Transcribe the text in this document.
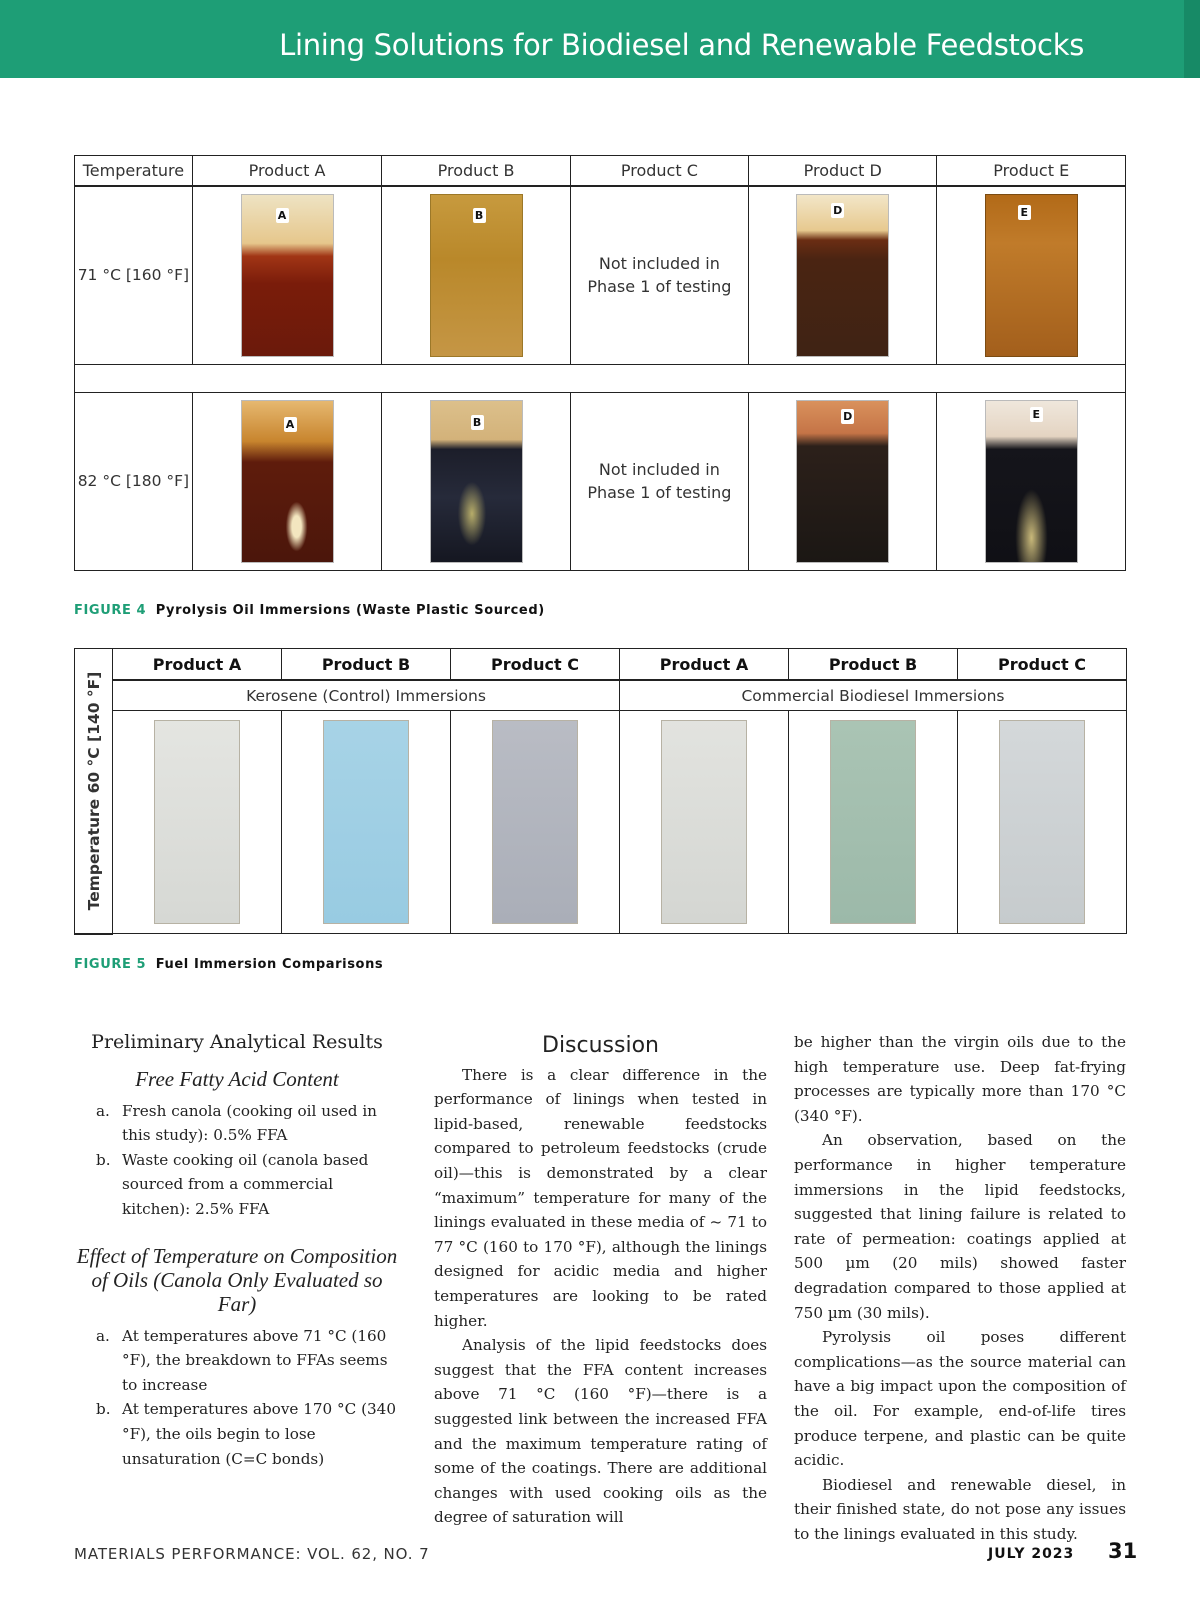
Lining Solutions for Biodiesel and Renewable Feedstocks
Temperature	Product A	Product B	Product C	Product D	Product E
71 °C [160 °F]	A	B	Not included in Phase 1 of testing	D	E

82 °C [180 °F]	A	B	Not included in Phase 1 of testing	D	E
FIGURE 4 Pyrolysis Oil Immersions (Waste Plastic Sourced)
Temperature 60 °C [140 °F]	Product A	Product B	Product C	Product A	Product B	Product C
	Kerosene (Control) Immersions			Commercial Biodiesel Immersions		

FIGURE 5 Fuel Immersion Comparisons
Preliminary Analytical Results
Free Fatty Acid Content
a. Fresh canola (cooking oil used in this study): 0.5% FFA
b. Waste cooking oil (canola based sourced from a commercial kitchen): 2.5% FFA
Effect of Temperature on Composition of Oils (Canola Only Evaluated so Far)
a. At temperatures above 71 °C (160 °F), the breakdown to FFAs seems to increase
b. At temperatures above 170 °C (340 °F), the oils begin to lose unsaturation (C=C bonds)
Discussion

There is a clear difference in the performance of linings when tested in lipid-based, renewable feedstocks compared to petroleum feedstocks (crude oil)—this is demonstrated by a clear “maximum” temperature for many of the linings evaluated in these media of ~ 71 to 77 °C (160 to 170 °F), although the linings designed for acidic media and higher temperatures are looking to be rated higher.

Analysis of the lipid feedstocks does suggest that the FFA content increases above 71 °C (160 °F)—there is a suggested link between the increased FFA and the maximum temperature rating of some of the coatings. There are additional changes with used cooking oils as the degree of saturation will

be higher than the virgin oils due to the high temperature use. Deep fat-frying processes are typically more than 170 °C (340 °F).

An observation, based on the performance in higher temperature immersions in the lipid feedstocks, suggested that lining failure is related to rate of permeation: coatings applied at 500 µm (20 mils) showed faster degradation compared to those applied at 750 µm (30 mils).

Pyrolysis oil poses different complications—as the source material can have a big impact upon the composition of the oil. For example, end-of-life tires produce terpene, and plastic can be quite acidic.

Biodiesel and renewable diesel, in their finished state, do not pose any issues to the linings evaluated in this study.

MATERIALS PERFORMANCE: VOL. 62, NO. 7	JULY 2023 31
